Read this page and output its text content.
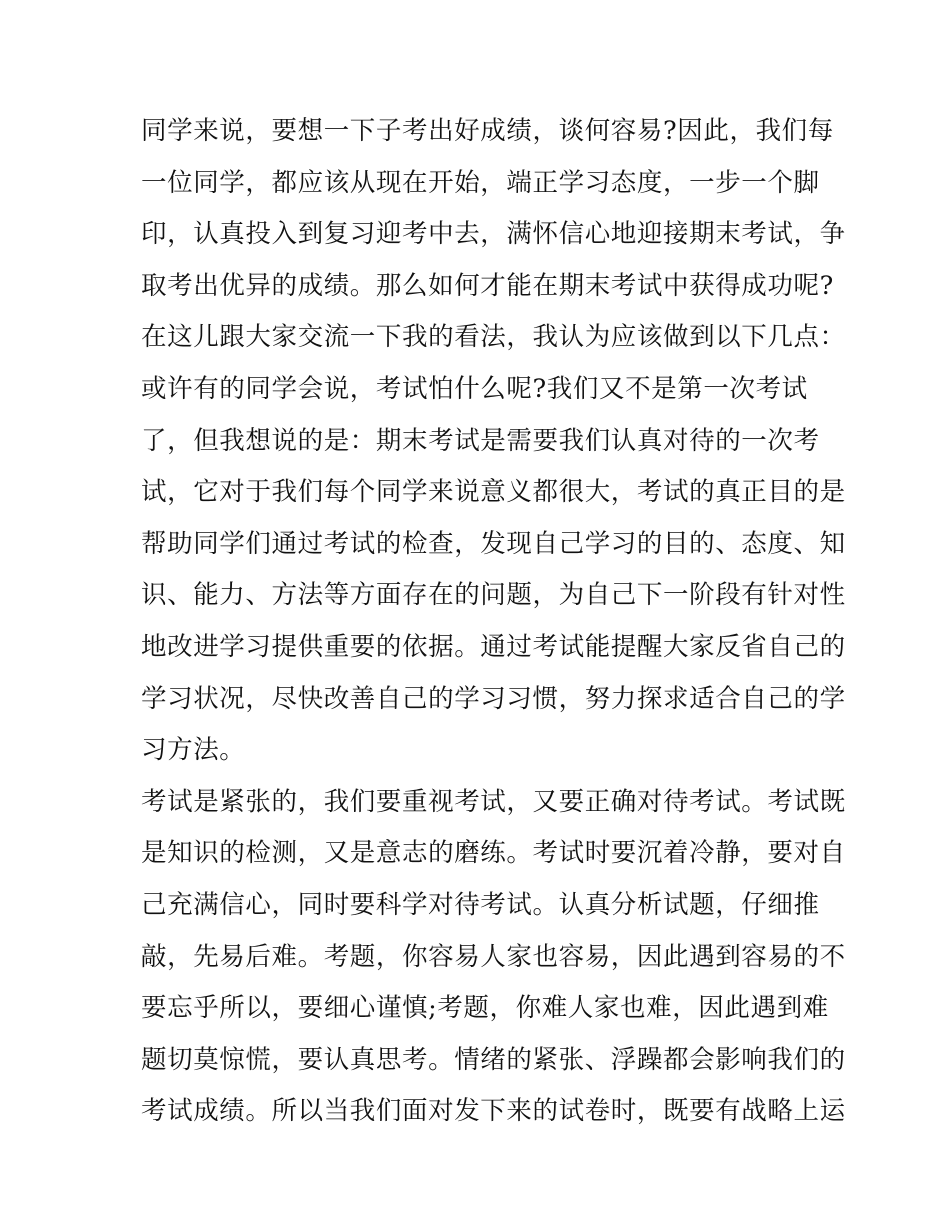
同学来说，要想一下子考出好成绩，谈何容易?因此，我们每
一位同学，都应该从现在开始，端正学习态度，一步一个脚
印，认真投入到复习迎考中去，满怀信心地迎接期末考试，争
取考出优异的成绩。那么如何才能在期末考试中获得成功呢?
在这儿跟大家交流一下我的看法，我认为应该做到以下几点：
或许有的同学会说，考试怕什么呢?我们又不是第一次考试
了，但我想说的是：期末考试是需要我们认真对待的一次考
试，它对于我们每个同学来说意义都很大，考试的真正目的是
帮助同学们通过考试的检查，发现自己学习的目的、态度、知
识、能力、方法等方面存在的问题，为自己下一阶段有针对性
地改进学习提供重要的依据。通过考试能提醒大家反省自己的
学习状况，尽快改善自己的学习习惯，努力探求适合自己的学
习方法。
考试是紧张的，我们要重视考试，又要正确对待考试。考试既
是知识的检测，又是意志的磨练。考试时要沉着冷静，要对自
己充满信心，同时要科学对待考试。认真分析试题，仔细推
敲，先易后难。考题，你容易人家也容易，因此遇到容易的不
要忘乎所以，要细心谨慎;考题，你难人家也难，因此遇到难
题切莫惊慌，要认真思考。情绪的紧张、浮躁都会影响我们的
考试成绩。所以当我们面对发下来的试卷时，既要有战略上运
